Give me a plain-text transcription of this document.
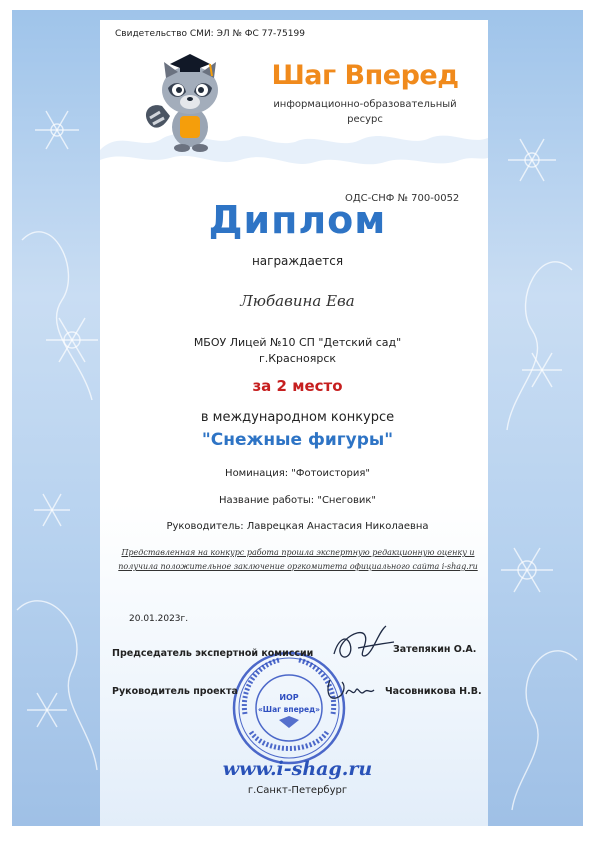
Свидетельство СМИ: ЭЛ № ФС 77-75199
Шаг Вперед
информационно-образовательный ресурс
ОДС-СНФ № 700-0052
Диплом
награждается
Любавина Ева
МБОУ Лицей №10 СП "Детский сад"
г.Красноярск
за 2 место
в международном конкурсе
"Снежные фигуры"
Номинация: "Фотоистория"
Название работы: "Снеговик"
Руководитель: Лаврецкая Анастасия Николаевна
Представленная на конкурс работа прошла экспертную редакционную оценку и получила положительное заключение оргкомитета официального сайта i-shag.ru
20.01.2023г.
ИОР
«Шаг вперед»
Председатель экспертной комиссии	Затепякин О.А.
Руководитель проекта	Часовникова Н.В.
www.i-shag.ru
г.Санкт-Петербург
